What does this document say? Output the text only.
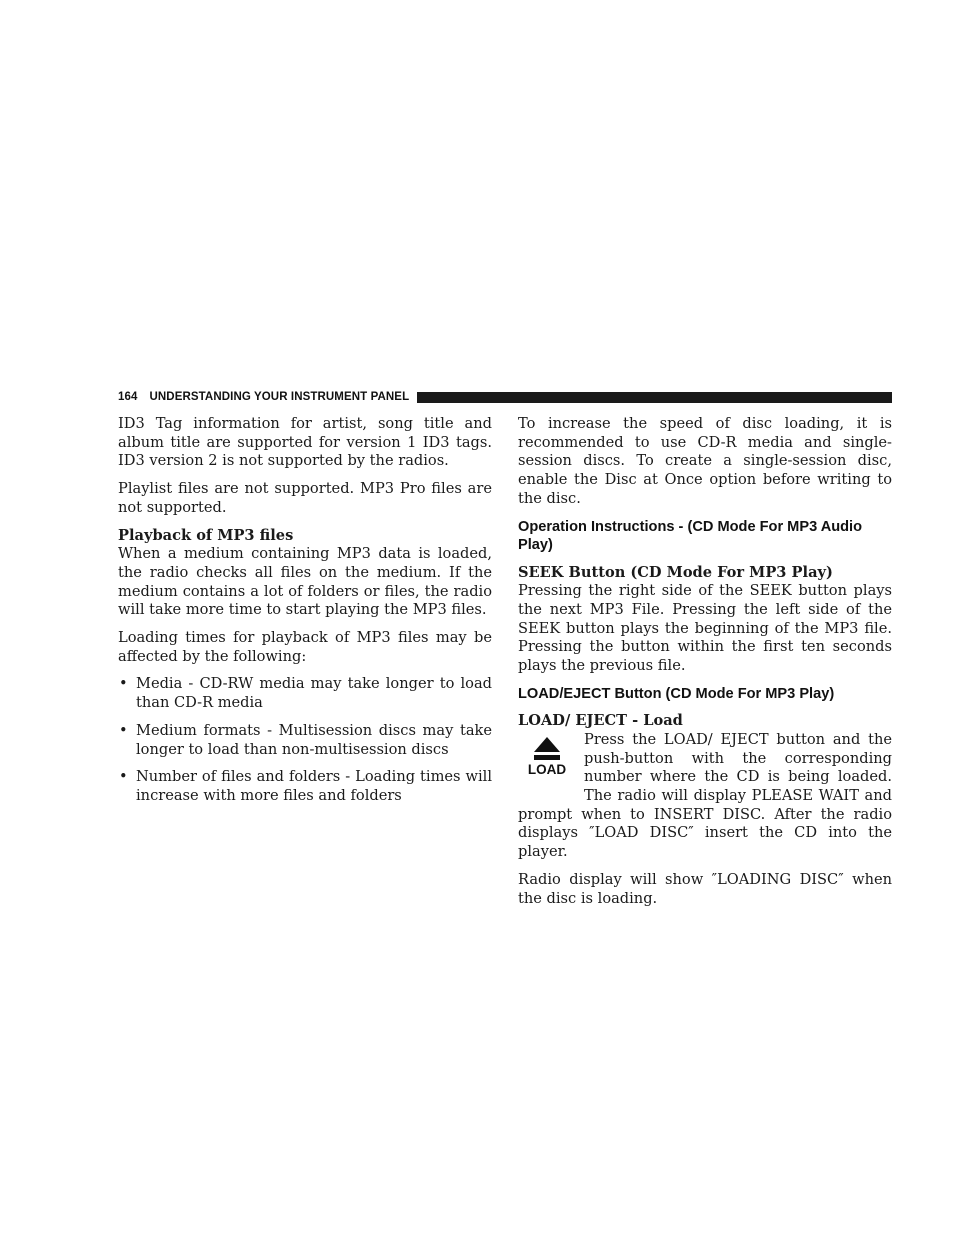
164 UNDERSTANDING YOUR INSTRUMENT PANEL

ID3 Tag information for artist, song title and album title are supported for version 1 ID3 tags. ID3 version 2 is not supported by the radios.

Playlist files are not supported. MP3 Pro files are not supported.

Playback of MP3 files

When a medium containing MP3 data is loaded, the radio checks all files on the medium. If the medium contains a lot of folders or files, the radio will take more time to start playing the MP3 files.

Loading times for playback of MP3 files may be affected by the following:

• Media - CD-RW media may take longer to load than CD-R media
• Medium formats - Multisession discs may take longer to load than non-multisession discs
• Number of files and folders - Loading times will increase with more files and folders

To increase the speed of disc loading, it is recommended to use CD-R media and single-session discs. To create a single-session disc, enable the Disc at Once option before writing to the disc.

Operation Instructions - (CD Mode For MP3 Audio Play)
SEEK Button (CD Mode For MP3 Play)

Pressing the right side of the SEEK button plays the next MP3 File. Pressing the left side of the SEEK button plays the beginning of the MP3 file. Pressing the button within the first ten seconds plays the previous file.

LOAD/EJECT Button (CD Mode For MP3 Play)
LOAD/ EJECT - Load
LOAD
Press the LOAD/ EJECT button and the push-button with the corresponding number where the CD is being loaded. The radio will display PLEASE WAIT and prompt when to INSERT DISC. After the radio displays ″LOAD DISC″ insert the CD into the player.

Radio display will show ″LOADING DISC″ when the disc is loading.
